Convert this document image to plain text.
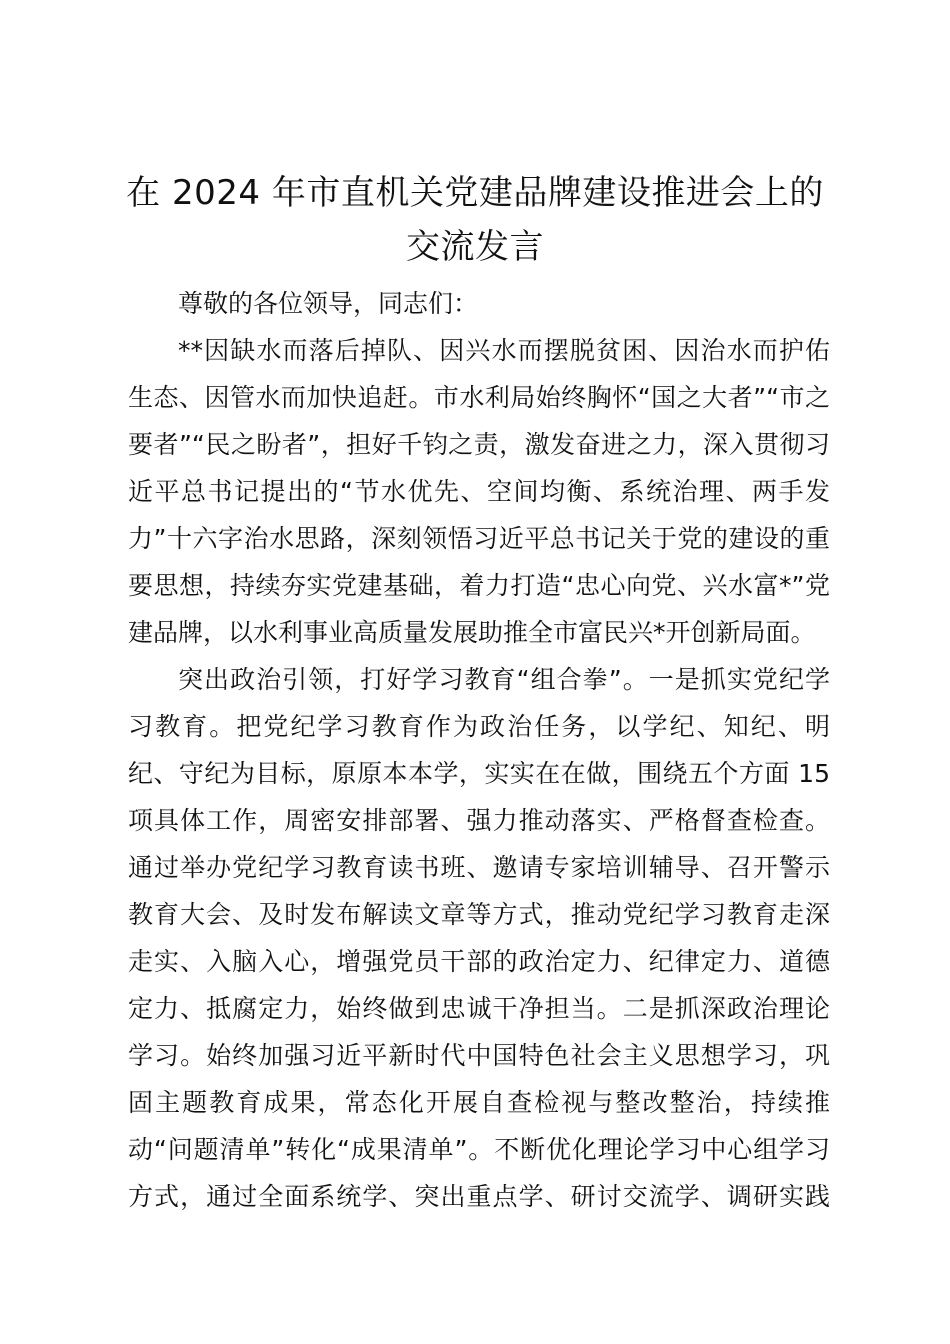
在 2024 年市直机关党建品牌建设推进会上的
交流发言
尊敬的各位领导，同志们：
**因缺水而落后掉队、因兴水而摆脱贫困、因治水而护佑
生态、因管水而加快追赶。市水利局始终胸怀“国之大者”“市之
要者”“民之盼者”，担好千钧之责，激发奋进之力，深入贯彻习
近平总书记提出的“节水优先、空间均衡、系统治理、两手发
力”十六字治水思路，深刻领悟习近平总书记关于党的建设的重
要思想，持续夯实党建基础，着力打造“忠心向党、兴水富*”党
建品牌，以水利事业高质量发展助推全市富民兴*开创新局面。
突出政治引领，打好学习教育“组合拳”。一是抓实党纪学
习教育。把党纪学习教育作为政治任务，以学纪、知纪、明
纪、守纪为目标，原原本本学，实实在在做，围绕五个方面 15
项具体工作，周密安排部署、强力推动落实、严格督查检查。
通过举办党纪学习教育读书班、邀请专家培训辅导、召开警示
教育大会、及时发布解读文章等方式，推动党纪学习教育走深
走实、入脑入心，增强党员干部的政治定力、纪律定力、道德
定力、抵腐定力，始终做到忠诚干净担当。二是抓深政治理论
学习。始终加强习近平新时代中国特色社会主义思想学习，巩
固主题教育成果，常态化开展自查检视与整改整治，持续推
动“问题清单”转化“成果清单”。不断优化理论学习中心组学习
方式，通过全面系统学、突出重点学、研讨交流学、调研实践
